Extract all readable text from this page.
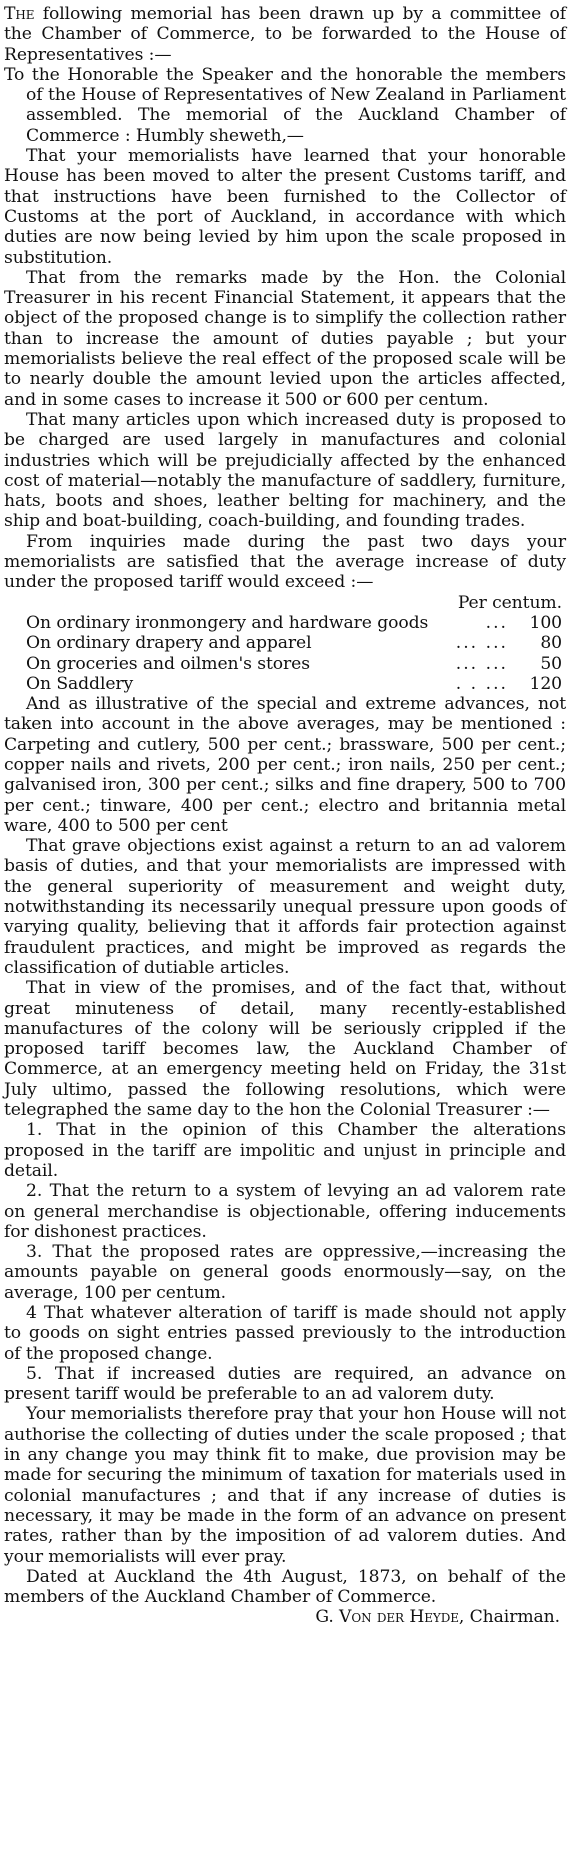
The following memorial has been drawn up by a committee of the Chamber of Commerce, to be forwarded to the House of Representatives :—

To the Honorable the Speaker and the honorable the members of the House of Representatives of New Zealand in Parliament assembled. The memorial of the Auckland Chamber of Commerce : Humbly sheweth,—

That your memorialists have learned that your honorable House has been moved to alter the present Customs tariff, and that instructions have been furnished to the Collector of Customs at the port of Auckland, in accordance with which duties are now being levied by him upon the scale proposed in substitution.

That from the remarks made by the Hon. the Colonial Treasurer in his recent Financial Statement, it appears that the object of the proposed change is to simplify the collection rather than to increase the amount of duties payable ; but your memorialists believe the real effect of the proposed scale will be to nearly double the amount levied upon the articles affected, and in some cases to increase it 500 or 600 per centum.

That many articles upon which increased duty is proposed to be charged are used largely in manufactures and colonial industries which will be prejudicially affected by the enhanced cost of material—notably the manufacture of saddlery, furniture, hats, boots and shoes, leather belting for machinery, and the ship and boat-building, coach-building, and founding trades.

From inquiries made during the past two days your memorialists are satisfied that the average increase of duty under the proposed tariff would exceed :—

Per centum.

On ordinary ironmongery and hardware goods	...	100
On ordinary drapery and apparel	... ...	80
On groceries and oilmen's stores	... ...	50
On Saddlery	. . ...	120

And as illustrative of the special and extreme advances, not taken into account in the above averages, may be mentioned : Carpeting and cutlery, 500 per cent.; brassware, 500 per cent.; copper nails and rivets, 200 per cent.; iron nails, 250 per cent.; galvanised iron, 300 per cent.; silks and fine drapery, 500 to 700 per cent.; tinware, 400 per cent.; electro and britannia metal ware, 400 to 500 per cent

That grave objections exist against a return to an ad valorem basis of duties, and that your memorialists are impressed with the general superiority of measurement and weight duty, notwithstanding its necessarily unequal pressure upon goods of varying quality, believing that it affords fair protection against fraudulent practices, and might be improved as regards the classification of dutiable articles.

That in view of the promises, and of the fact that, without great minuteness of detail, many recently-established manufactures of the colony will be seriously crippled if the proposed tariff becomes law, the Auckland Chamber of Commerce, at an emergency meeting held on Friday, the 31st July ultimo, passed the following resolutions, which were telegraphed the same day to the hon the Colonial Treasurer :—

1. That in the opinion of this Chamber the alterations proposed in the tariff are impolitic and unjust in principle and detail.

2. That the return to a system of levying an ad valorem rate on general merchandise is objectionable, offering inducements for dishonest practices.

3. That the proposed rates are oppressive,—increasing the amounts payable on general goods enormously—say, on the average, 100 per centum.

4 That whatever alteration of tariff is made should not apply to goods on sight entries passed previously to the introduction of the proposed change.

5. That if increased duties are required, an advance on present tariff would be preferable to an ad valorem duty.

Your memorialists therefore pray that your hon House will not authorise the collecting of duties under the scale proposed ; that in any change you may think fit to make, due provision may be made for securing the minimum of taxation for materials used in colonial manufactures ; and that if any increase of duties is necessary, it may be made in the form of an advance on present rates, rather than by the imposition of ad valorem duties. And your memorialists will ever pray.

Dated at Auckland the 4th August, 1873, on behalf of the members of the Auckland Chamber of Commerce.

G. Von der Heyde, Chairman.
